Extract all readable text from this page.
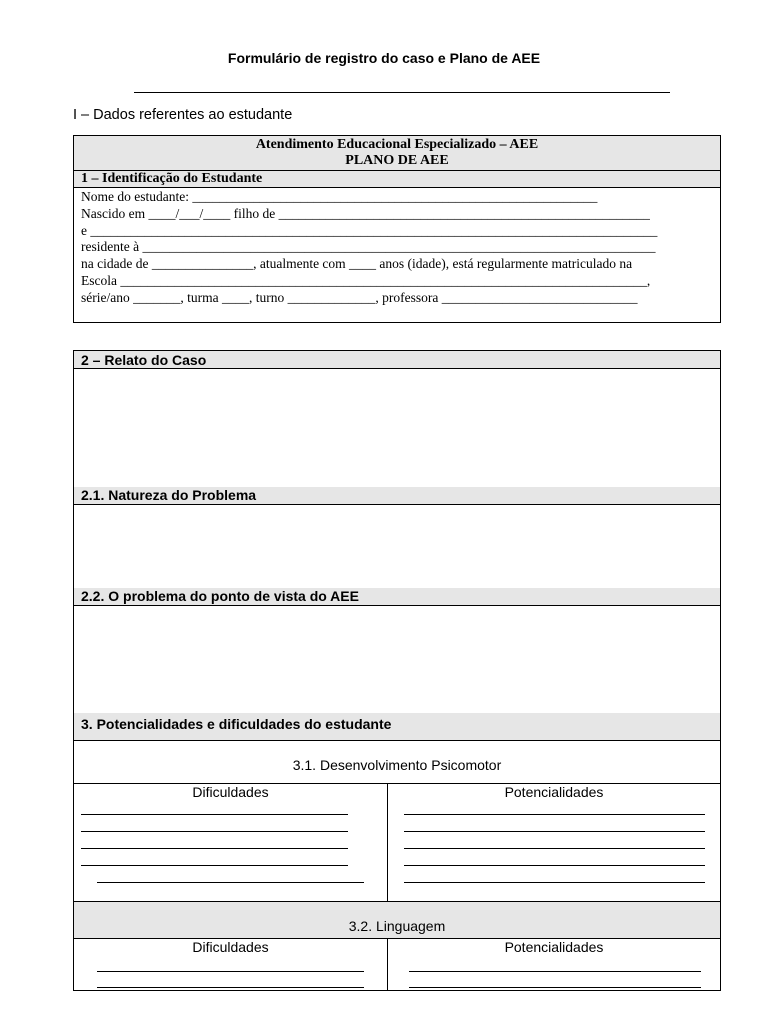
Formulário de registro do caso e Plano de AEE
I – Dados referentes ao estudante
Atendimento Educacional Especializado – AEE
PLANO DE AEE
1 – Identificação do Estudante
Nome do estudante: ____________________________________________________________
Nascido em ____/___/____ filho de _______________________________________________________
e ____________________________________________________________________________________
residente à ____________________________________________________________________________
na cidade de _______________, atualmente com ____ anos (idade), está regularmente matriculado na
Escola ______________________________________________________________________________,
série/ano _______, turma ____, turno _____________, professora _____________________________
2 – Relato do Caso
2.1. Natureza do Problema
2.2. O problema do ponto de vista do AEE
3. Potencialidades e dificuldades do estudante
3.1. Desenvolvimento Psicomotor
Dificuldades	Potencialidades
3.2. Linguagem
Dificuldades	Potencialidades
